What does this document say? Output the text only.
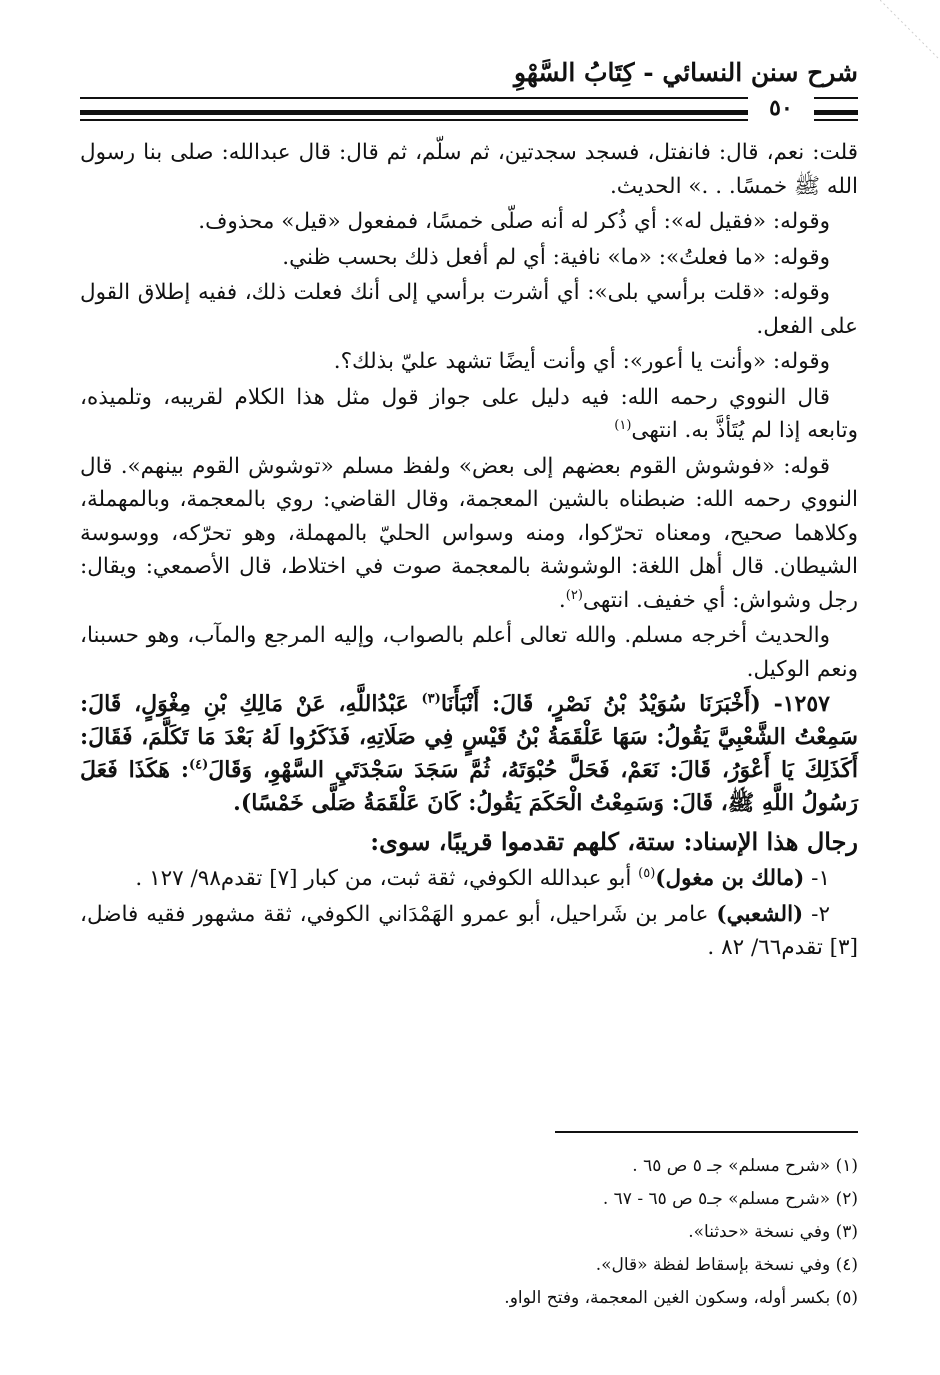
شرح سنن النسائي - كِتَابُ السَّهْوِ
٥٠

قلت: نعم، قال: فانفتل، فسجد سجدتين، ثم سلّم، ثم قال: قال عبدالله: صلى بنا رسول الله ﷺ خمسًا. . .» الحديث.

وقوله: «فقيل له»: أي ذُكر له أنه صلّى خمسًا، فمفعول «قيل» محذوف.

وقوله: «ما فعلتُ»: «ما» نافية: أي لم أفعل ذلك بحسب ظني.

وقوله: «قلت برأسي بلى»: أي أشرت برأسي إلى أنك فعلت ذلك، ففيه إطلاق القول على الفعل.

وقوله: «وأنت يا أعور»: أي وأنت أيضًا تشهد عليّ بذلك؟.

قال النووي رحمه الله: فيه دليل على جواز قول مثل هذا الكلام لقريبه، وتلميذه، وتابعه إذا لم يُتَأذَّ به. انتهى$^{(١)}$

قوله: «فوشوش القوم بعضهم إلى بعض» ولفظ مسلم «توشوش القوم بينهم». قال النووي رحمه الله: ضبطناه بالشين المعجمة، وقال القاضي: روي بالمعجمة، وبالمهملة، وكلاهما صحيح، ومعناه تحرّكوا، ومنه وسواس الحليّ بالمهملة، وهو تحرّكه، ووسوسة الشيطان. قال أهل اللغة: الوشوشة بالمعجمة صوت في اختلاط، قال الأصمعي: ويقال: رجل وشواش: أي خفيف. انتهى$^{(٢)}$.

والحديث أخرجه مسلم. والله تعالى أعلم بالصواب، وإليه المرجع والمآب، وهو حسبنا، ونعم الوكيل.

١٢٥٧- (أَخْبَرَنَا سُوَيْدُ بْنُ نَصْرٍ، قَالَ: أَنْبَأَنَا$^{(٣)}$ عَبْدُاللَّهِ، عَنْ مَالِكِ بْنِ مِغْوَلٍ، قَالَ: سَمِعْتُ الشَّعْبِيَّ يَقُولُ: سَهَا عَلْقَمَةُ بْنُ قَيْسٍ فِي صَلَاتِهِ، فَذَكَرُوا لَهُ بَعْدَ مَا تَكَلَّمَ، فَقَالَ: أَكَذَلِكَ يَا أَعْوَرُ، قَالَ: نَعَمْ، فَحَلَّ حُبْوَتَهُ، ثُمَّ سَجَدَ سَجْدَتَيِ السَّهْوِ، وَقَالَ$^{(٤)}$: هَكَذَا فَعَلَ رَسُولُ اللَّهِ ﷺ، قَالَ: وَسَمِعْتُ الْحَكَمَ يَقُولُ: كَانَ عَلْقَمَةُ صَلَّى خَمْسًا).

رجال هذا الإسناد: ستة، كلهم تقدموا قريبًا، سوى:

١- (مالك بن مغول)$^{(٥)}$ أبو عبدالله الكوفي، ثقة ثبت، من كبار [٧] تقدم٩٨/ ١٢٧ .

٢- (الشعبي) عامر بن شَراحيل، أبو عمرو الهَمْدَاني الكوفي، ثقة مشهور فقيه فاضل، [٣] تقدم٦٦/ ٨٢ .

(١) «شرح مسلم» جـ ٥ ص ٦٥ .
(٢) «شرح مسلم» جـ٥ ص ٦٥ - ٦٧ .
(٣) وفي نسخة «حدثنا».
(٤) وفي نسخة بإسقاط لفظة «قال».
(٥) بكسر أوله، وسكون الغين المعجمة، وفتح الواو.
